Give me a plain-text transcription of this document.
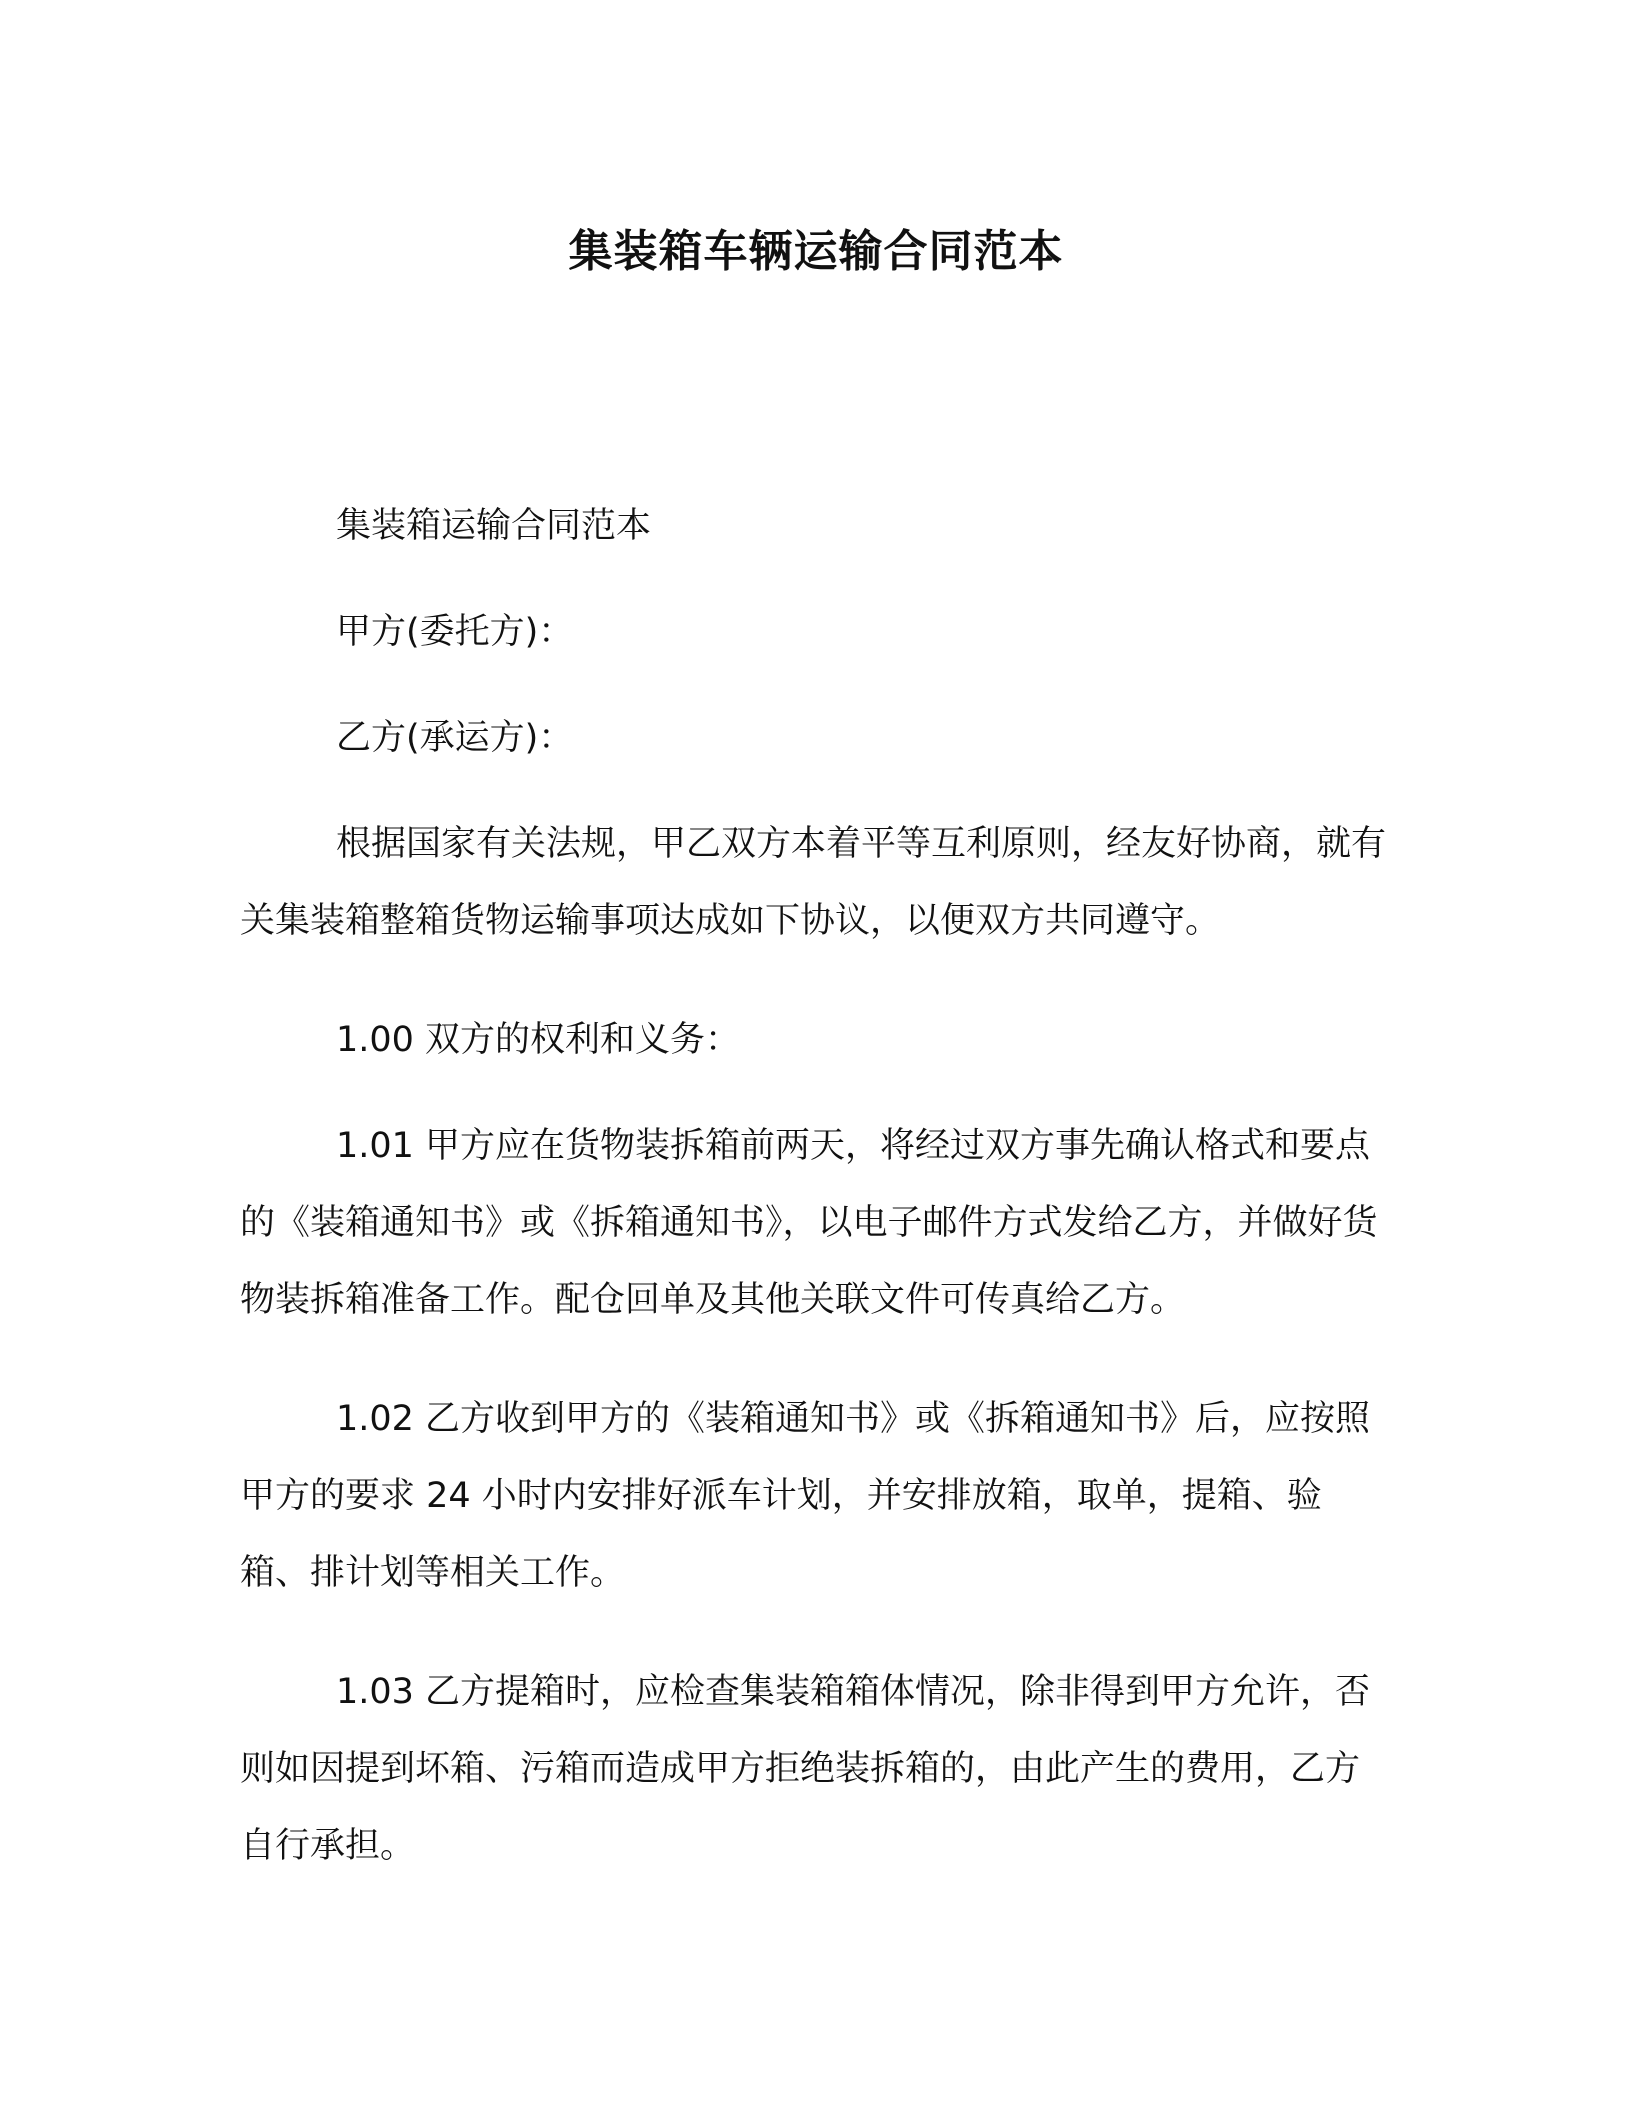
集装箱车辆运输合同范本

集装箱运输合同范本

甲方(委托方)：

乙方(承运方)：

根据国家有关法规，甲乙双方本着平等互利原则，经友好协商，就有关集装箱整箱货物运输事项达成如下协议，以便双方共同遵守。

1.00 双方的权利和义务：

1.01 甲方应在货物装拆箱前两天，将经过双方事先确认格式和要点的《装箱通知书》或《拆箱通知书》，以电子邮件方式发给乙方，并做好货物装拆箱准备工作。配仓回单及其他关联文件可传真给乙方。

1.02 乙方收到甲方的《装箱通知书》或《拆箱通知书》后，应按照甲方的要求 24 小时内安排好派车计划，并安排放箱，取单，提箱、验箱、排计划等相关工作。

1.03 乙方提箱时，应检查集装箱箱体情况，除非得到甲方允许，否则如因提到坏箱、污箱而造成甲方拒绝装拆箱的，由此产生的费用，乙方自行承担。
